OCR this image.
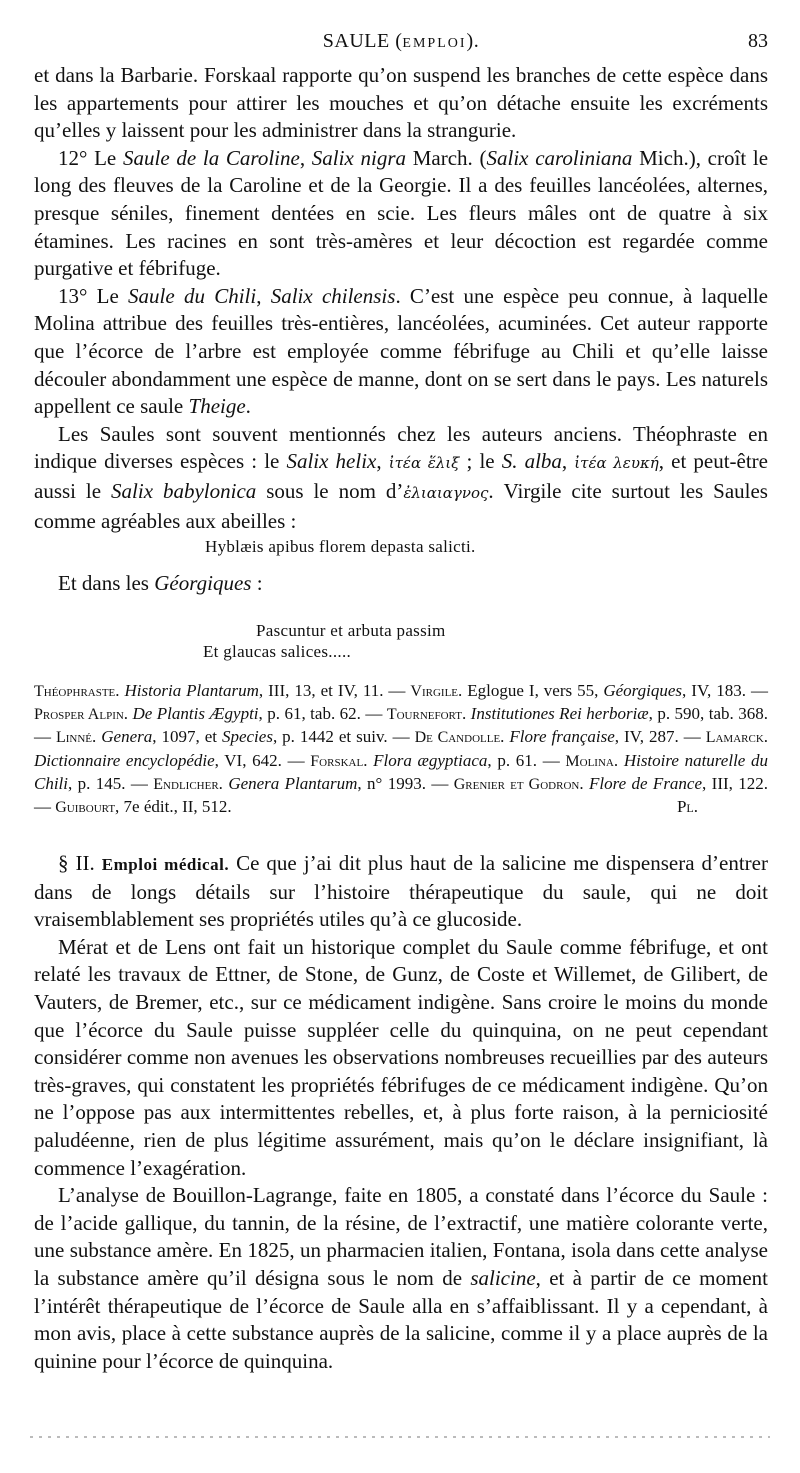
SAULE (EMPLOI).	83

et dans la Barbarie. Forskaal rapporte qu’on suspend les branches de cette espèce dans les appartements pour attirer les mouches et qu’on détache ensuite les excréments qu’elles y laissent pour les administrer dans la strangurie.

12° Le Saule de la Caroline, Salix nigra March. (Salix caroliniana Mich.), croît le long des fleuves de la Caroline et de la Georgie. Il a des feuilles lancéolées, alternes, presque séniles, finement dentées en scie. Les fleurs mâles ont de quatre à six étamines. Les racines en sont très-amères et leur décoction est regardée comme purgative et fébrifuge.

13° Le Saule du Chili, Salix chilensis. C’est une espèce peu connue, à laquelle Molina attribue des feuilles très-entières, lancéolées, acuminées. Cet auteur rapporte que l’écorce de l’arbre est employée comme fébrifuge au Chili et qu’elle laisse découler abondamment une espèce de manne, dont on se sert dans le pays. Les naturels appellent ce saule Theige.

Les Saules sont souvent mentionnés chez les auteurs anciens. Théophraste en indique diverses espèces : le Salix helix, ἰτέα ἕλιξ ; le S. alba, ἰτέα λευκή, et peut-être aussi le Salix babylonica sous le nom d’ἐλιαιαγνος. Virgile cite surtout les Saules comme agréables aux abeilles :

Hyblæis apibus florem depasta salicti.

Et dans les Géorgiques :

Pascuntur et arbuta passim
Et glaucas salices.....
Théophraste. Historia Plantarum, III, 13, et IV, 11. — Virgile. Eglogue I, vers 55, Géorgiques, IV, 183. — Prosper Alpin. De Plantis Ægypti, p. 61, tab. 62. — Tournefort. Institutiones Rei herboriæ, p. 590, tab. 368. — Linné. Genera, 1097, et Species, p. 1442 et suiv. — De Candolle. Flore française, IV, 287. — Lamarck. Dictionnaire encyclopédie, VI, 642. — Forskal. Flora ægyptiaca, p. 61. — Molina. Histoire naturelle du Chili, p. 145. — Endlicher. Genera Plantarum, n° 1993. — Grenier et Godron. Flore de France, III, 122. — Guibourt, 7e édit., II, 512.	Pl.

§ II. Emploi médical. Ce que j’ai dit plus haut de la salicine me dispensera d’entrer dans de longs détails sur l’histoire thérapeutique du saule, qui ne doit vraisemblablement ses propriétés utiles qu’à ce glucoside.

Mérat et de Lens ont fait un historique complet du Saule comme fébrifuge, et ont relaté les travaux de Ettner, de Stone, de Gunz, de Coste et Willemet, de Gilibert, de Vauters, de Bremer, etc., sur ce médicament indigène. Sans croire le moins du monde que l’écorce du Saule puisse suppléer celle du quinquina, on ne peut cependant considérer comme non avenues les observations nombreuses recueillies par des auteurs très-graves, qui constatent les propriétés fébrifuges de ce médicament indigène. Qu’on ne l’oppose pas aux intermittentes rebelles, et, à plus forte raison, à la perniciosité paludéenne, rien de plus légitime assurément, mais qu’on le déclare insignifiant, là commence l’exagération.

L’analyse de Bouillon-Lagrange, faite en 1805, a constaté dans l’écorce du Saule : de l’acide gallique, du tannin, de la résine, de l’extractif, une matière colorante verte, une substance amère. En 1825, un pharmacien italien, Fontana, isola dans cette analyse la substance amère qu’il désigna sous le nom de salicine, et à partir de ce moment l’intérêt thérapeutique de l’écorce de Saule alla en s’affaiblissant. Il y a cependant, à mon avis, place à cette substance auprès de la salicine, comme il y a place auprès de la quinine pour l’écorce de quinquina.
